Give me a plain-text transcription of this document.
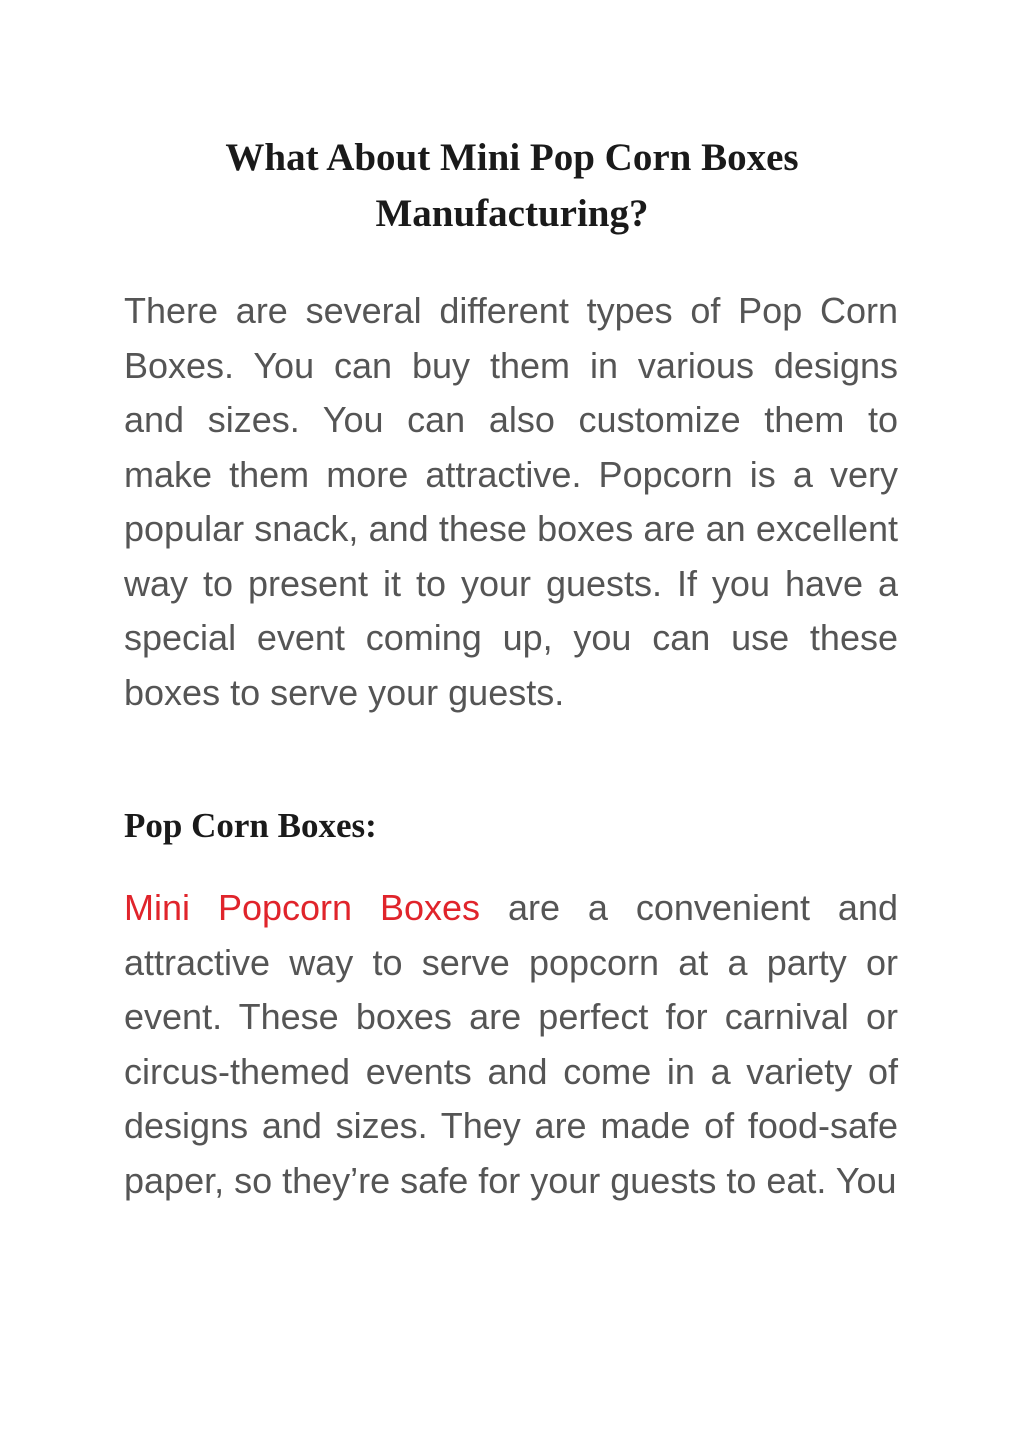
What About Mini Pop Corn Boxes Manufacturing?

There are several different types of Pop Corn Boxes. You can buy them in various designs and sizes. You can also customize them to make them more attractive. Popcorn is a very popular snack, and these boxes are an excellent way to present it to your guests. If you have a special event coming up, you can use these boxes to serve your guests.

Pop Corn Boxes:

Mini Popcorn Boxes are a convenient and attractive way to serve popcorn at a party or event. These boxes are perfect for carnival or circus-themed events and come in a variety of designs and sizes. They are made of food-safe paper, so they’re safe for your guests to eat. You
